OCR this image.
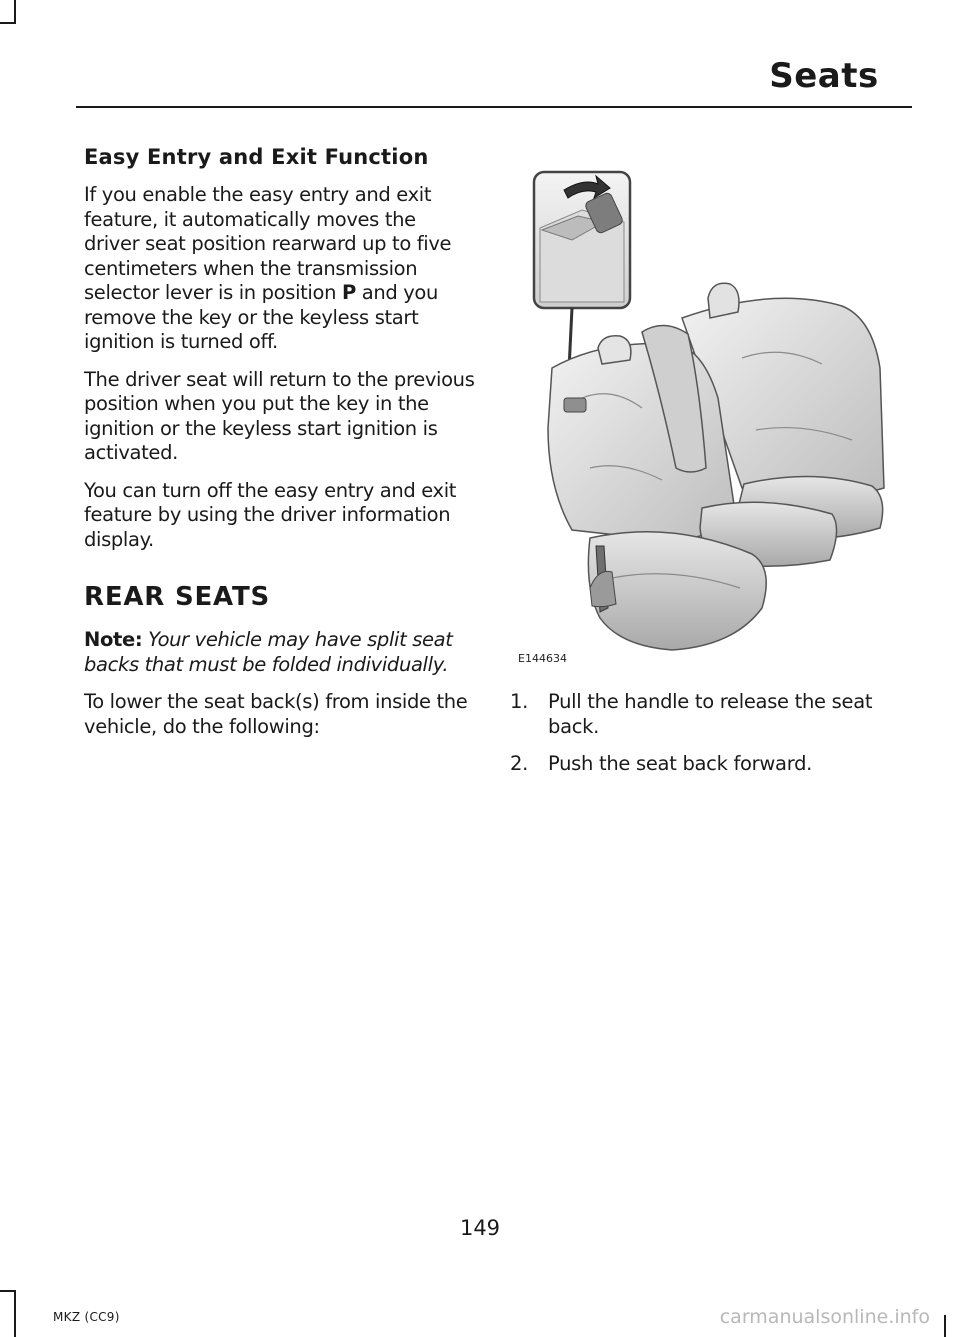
Seats
Easy Entry and Exit Function

If you enable the easy entry and exit feature, it automatically moves the driver seat position rearward up to five centimeters when the transmission selector lever is in position P and you remove the key or the keyless start ignition is turned off.

The driver seat will return to the previous position when you put the key in the ignition or the keyless start ignition is activated.

You can turn off the easy entry and exit feature by using the driver information display.

REAR SEATS

Note: Your vehicle may have split seat backs that must be folded individually.

To lower the seat back(s) from inside the vehicle, do the following:

E144634
1.	Pull the handle to release the seat back.
2.	Push the seat back forward.
149
MKZ (CC9)	carmanualsonline.info
